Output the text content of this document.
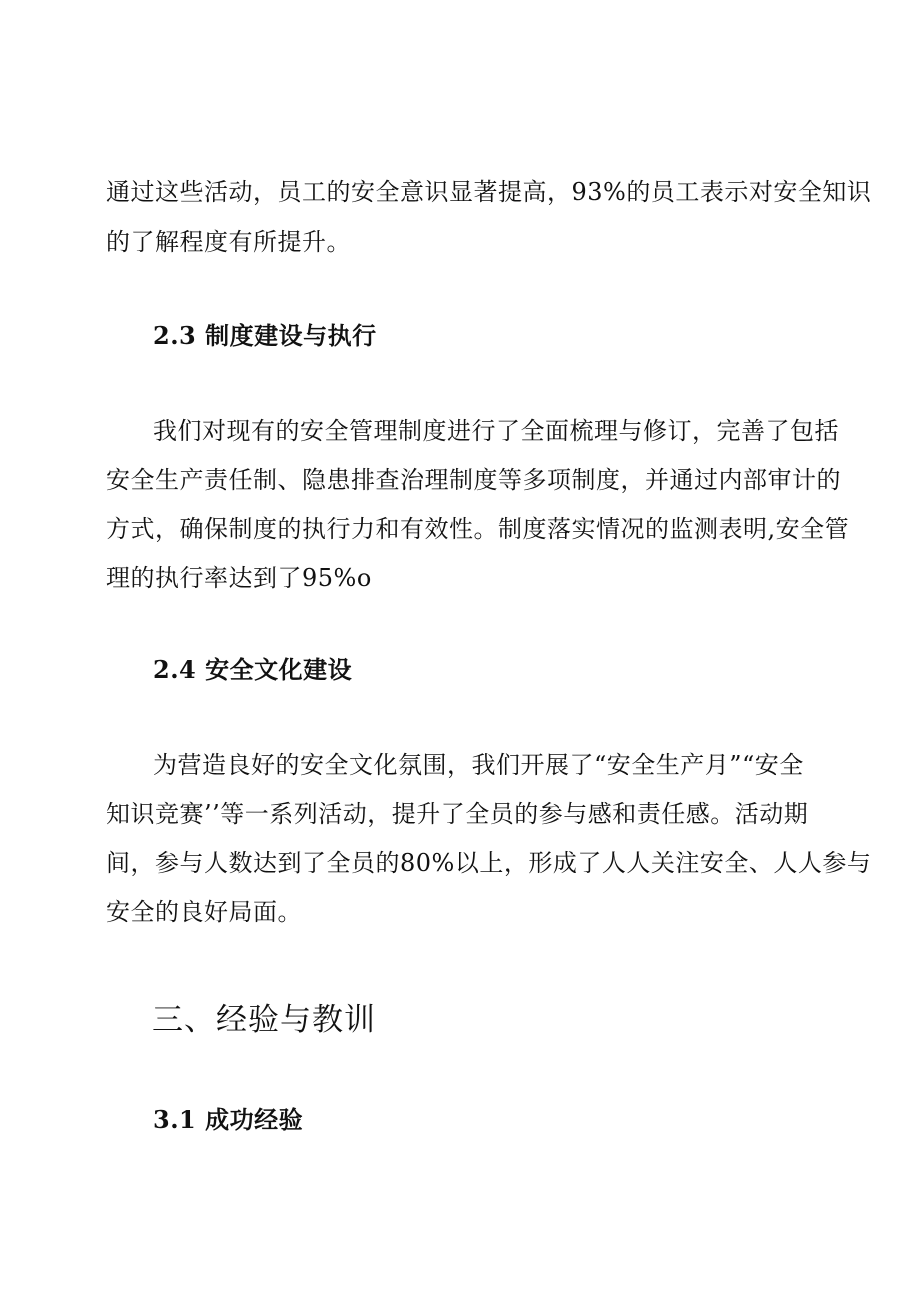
通过这些活动，员工的安全意识显著提高，93%的员工表示对安全知识
的了解程度有所提升。
2.3 制度建设与执行
我们对现有的安全管理制度进行了全面梳理与修订，完善了包括
安全生产责任制、隐患排查治理制度等多项制度，并通过内部审计的
方式，确保制度的执行力和有效性。制度落实情况的监测表明,安全管
理的执行率达到了95%o
2.4 安全文化建设
为营造良好的安全文化氛围，我们开展了“安全生产月”“安全
知识竞赛’’等一系列活动，提升了全员的参与感和责任感。活动期
间，参与人数达到了全员的80%以上，形成了人人关注安全、人人参与
安全的良好局面。
三、经验与教训
3.1 成功经验
